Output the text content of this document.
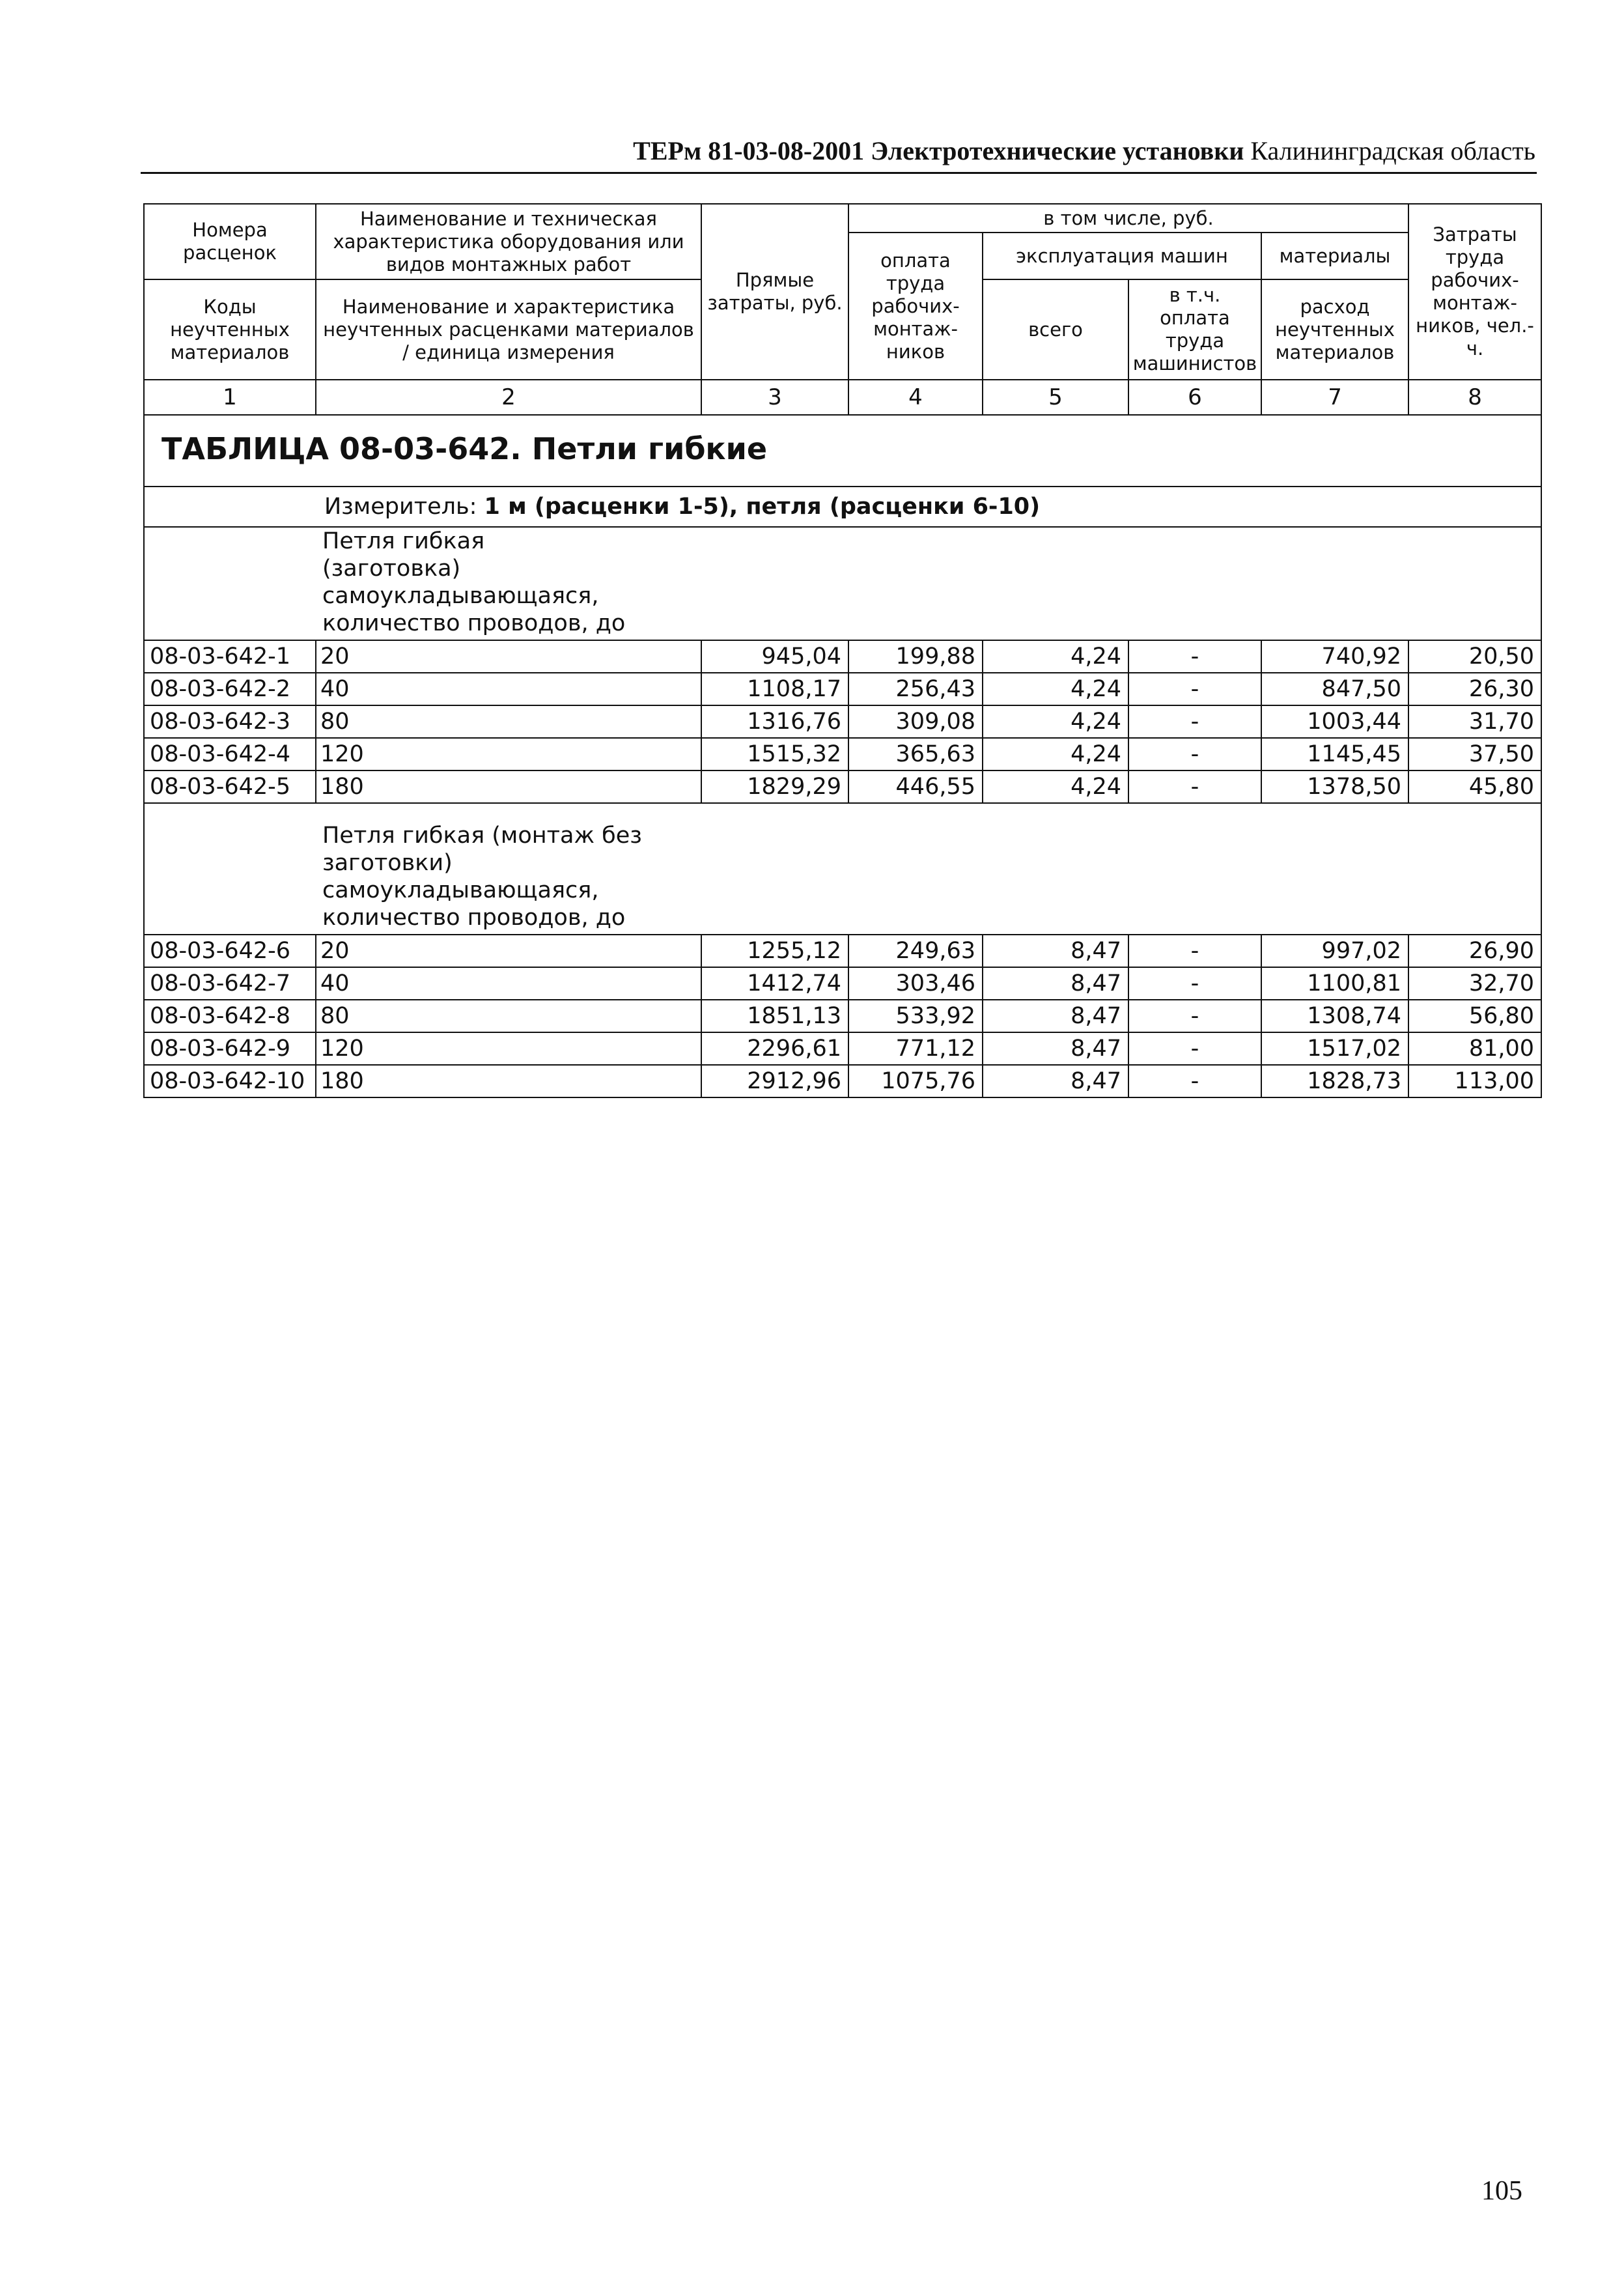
ТЕРм 81-03-08-2001 Электротехнические установки Калининградская область
Номера расценок	Наименование и техническая характеристика оборудования или видов монтажных работ	Прямые затраты, руб.	в том числе, руб.				Затраты труда рабочих-монтаж-ников, чел.-ч.
			оплата труда рабочих-монтаж-ников	эксплуатация машин		материалы	
Коды неучтенных материалов	Наименование и характеристика неучтенных расценками материалов / единица измерения			всего	в т.ч. оплата труда машинистов	расход неучтенных материалов	

1	2	3	4	5	6	7	8

ТАБЛИЦА 08-03-642. Петли гибкие							

Измеритель: 1 м (расценки 1-5), петля (расценки 6-10)							

	Петля гибкая (заготовка) самоукладывающаяся, количество проводов, до						

08-03-642-1	20	945,04	199,88	4,24	-	740,92	20,50
08-03-642-2	40	1108,17	256,43	4,24	-	847,50	26,30
08-03-642-3	80	1316,76	309,08	4,24	-	1003,44	31,70
08-03-642-4	120	1515,32	365,63	4,24	-	1145,45	37,50
08-03-642-5	180	1829,29	446,55	4,24	-	1378,50	45,80

	Петля гибкая (монтаж без заготовки) самоукладывающаяся, количество проводов, до						

08-03-642-6	20	1255,12	249,63	8,47	-	997,02	26,90
08-03-642-7	40	1412,74	303,46	8,47	-	1100,81	32,70
08-03-642-8	80	1851,13	533,92	8,47	-	1308,74	56,80
08-03-642-9	120	2296,61	771,12	8,47	-	1517,02	81,00
08-03-642-10	180	2912,96	1075,76	8,47	-	1828,73	113,00
105
